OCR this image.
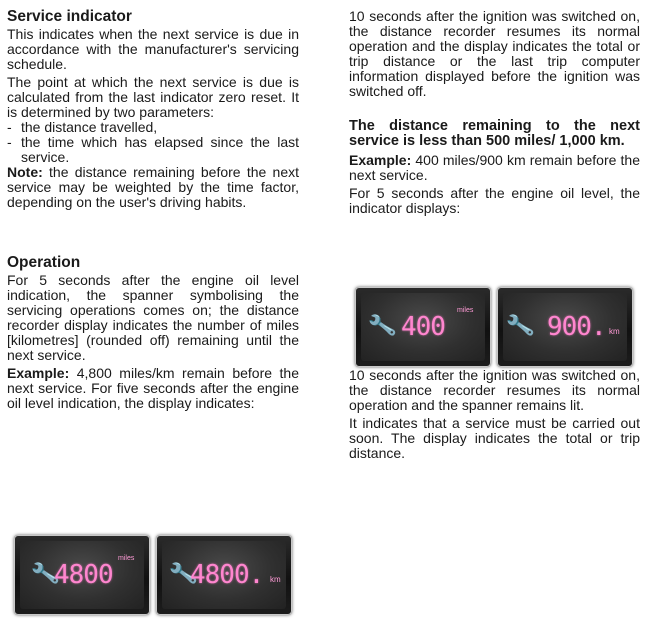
Service indicator
This indicates when the next service is due in accordance with the manufacturer's servicing schedule.
The point at which the next service is due is calculated from the last indicator zero reset. It is determined by two parameters:
- the distance travelled,
- the time which has elapsed since the last service.
Note: the distance remaining before the next service may be weighted by the time factor, depending on the user's driving habits.
Operation
For 5 seconds after the engine oil level indication, the spanner symbolising the servicing operations comes on; the distance recorder display indicates the number of miles [kilometres] (rounded off) remaining until the next service.
Example: 4,800 miles/km remain before the next service. For five seconds after the engine oil level indication, the display indicates:
10 seconds after the ignition was switched on, the distance recorder resumes its normal operation and the display indicates the total or trip distance or the last trip computer information displayed before the ignition was switched off.
The distance remaining to the next service is less than 500 miles/ 1,000 km.
Example: 400 miles/900 km remain before the next service.
For 5 seconds after the engine oil level, the indicator displays:
10 seconds after the ignition was switched on, the distance recorder resumes its normal operation and the spanner remains lit.
It indicates that a service must be carried out soon. The display indicates the total or trip distance.
🔧
4800
miles
🔧
4800. km
🔧 400
miles
🔧 900. km
